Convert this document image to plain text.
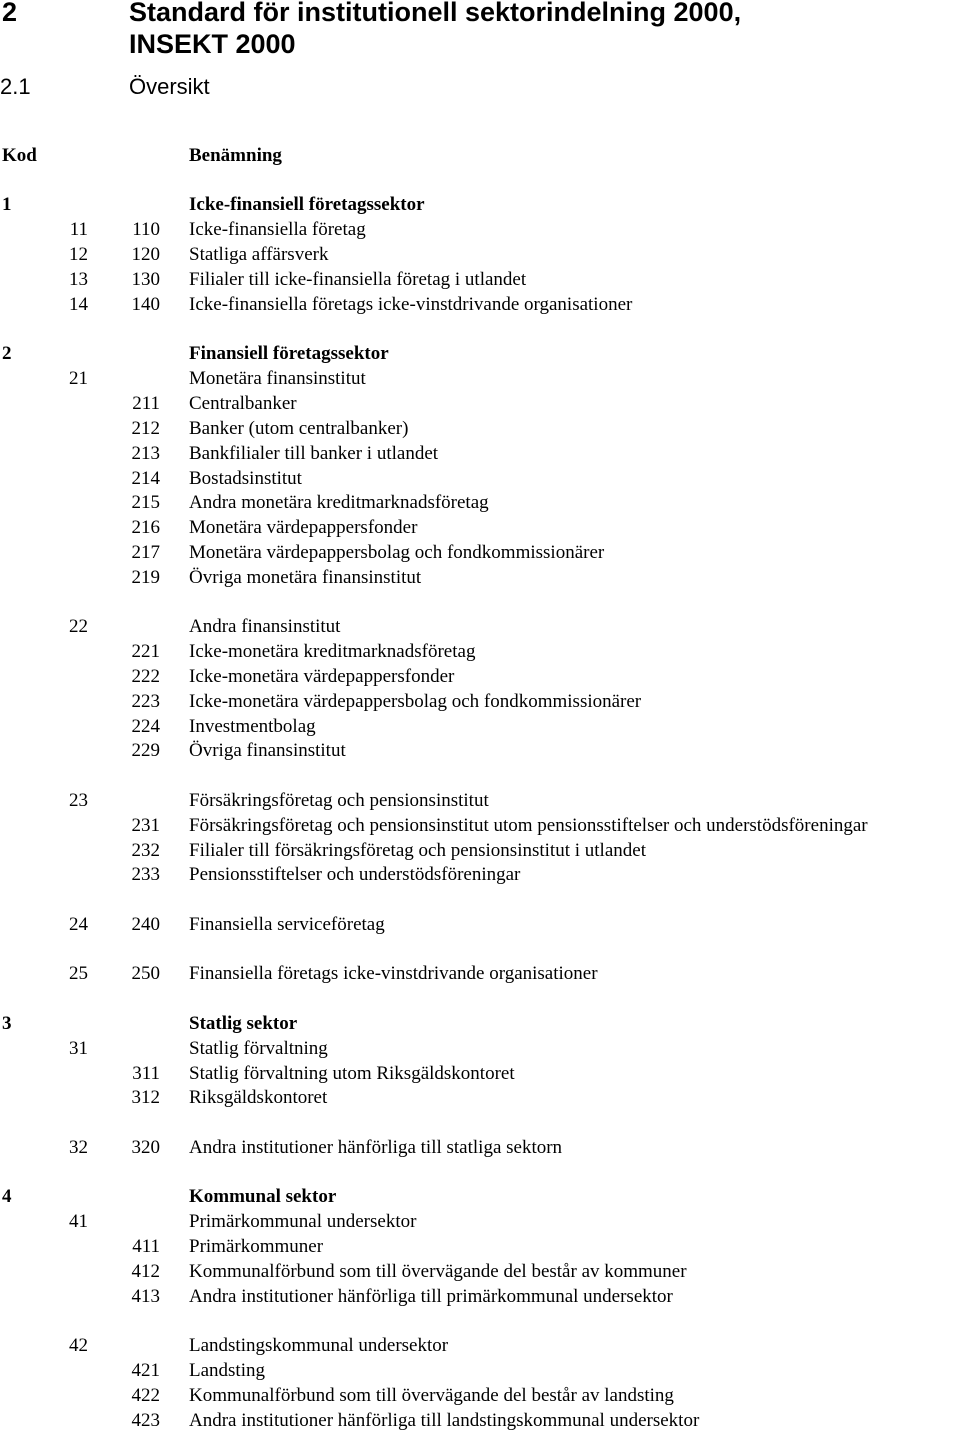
2	Standard för institutionell sektorindelning 2000,
INSEKT 2000
2.1	Översikt
Kod	Benämning
1	Icke-finansiell företagssektor
11 110 Icke-finansiella företag
12 120 Statliga affärsverk
13 130 Filialer till icke-finansiella företag i utlandet
14 140 Icke-finansiella företags icke-vinstdrivande organisationer
2	Finansiell företagssektor
21	Monetära finansinstitut
211 Centralbanker
212 Banker (utom centralbanker)
213 Bankfilialer till banker i utlandet
214 Bostadsinstitut
215 Andra monetära kreditmarknadsföretag
216 Monetära värdepappersfonder
217 Monetära värdepappersbolag och fondkommissionärer
219 Övriga monetära finansinstitut
22	Andra finansinstitut
221 Icke-monetära kreditmarknadsföretag
222 Icke-monetära värdepappersfonder
223 Icke-monetära värdepappersbolag och fondkommissionärer
224 Investmentbolag
229 Övriga finansinstitut
23	Försäkringsföretag och pensionsinstitut
231 Försäkringsföretag och pensionsinstitut utom pensionsstiftelser och understödsföreningar
232 Filialer till försäkringsföretag och pensionsinstitut i utlandet
233 Pensionsstiftelser och understödsföreningar
24 240 Finansiella serviceföretag
25 250 Finansiella företags icke-vinstdrivande organisationer
3	Statlig sektor
31	Statlig förvaltning
311 Statlig förvaltning utom Riksgäldskontoret
312 Riksgäldskontoret
32 320 Andra institutioner hänförliga till statliga sektorn
4	Kommunal sektor
41	Primärkommunal undersektor
411 Primärkommuner
412 Kommunalförbund som till övervägande del består av kommuner
413 Andra institutioner hänförliga till primärkommunal undersektor
42	Landstingskommunal undersektor
421 Landsting
422 Kommunalförbund som till övervägande del består av landsting
423 Andra institutioner hänförliga till landstingskommunal undersektor
